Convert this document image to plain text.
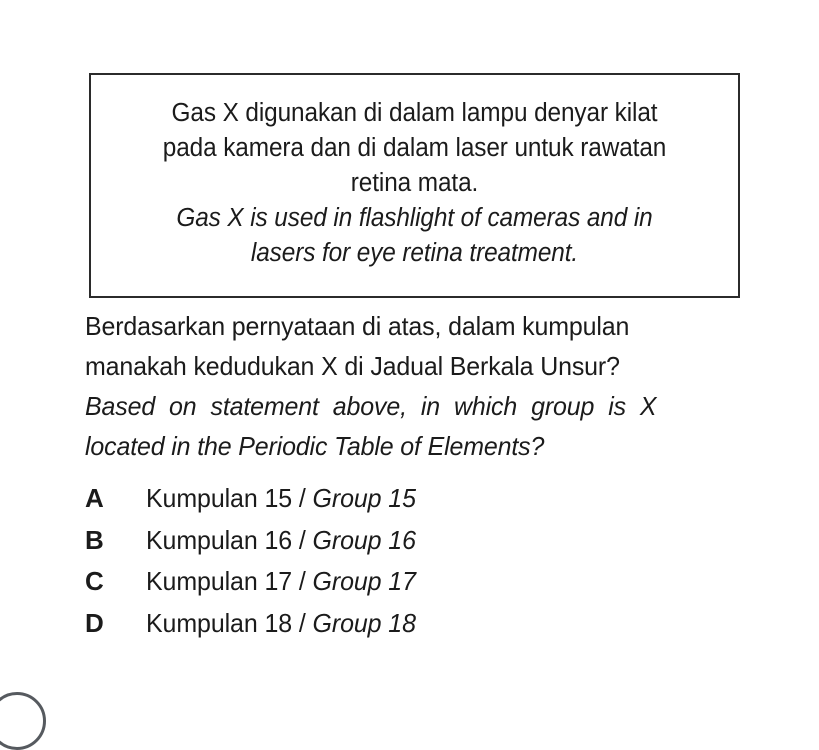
Gas X digunakan di dalam lampu denyar kilat
pada kamera dan di dalam laser untuk rawatan
retina mata.
Gas X is used in flashlight of cameras and in
lasers for eye retina treatment.
Berdasarkan pernyataan di atas, dalam kumpulan
manakah kedudukan X di Jadual Berkala Unsur?
Based on statement above, in which group is X
located in the Periodic Table of Elements?
A	Kumpulan 15 / Group 15
B	Kumpulan 16 / Group 16
C	Kumpulan 17 / Group 17
D	Kumpulan 18 / Group 18
